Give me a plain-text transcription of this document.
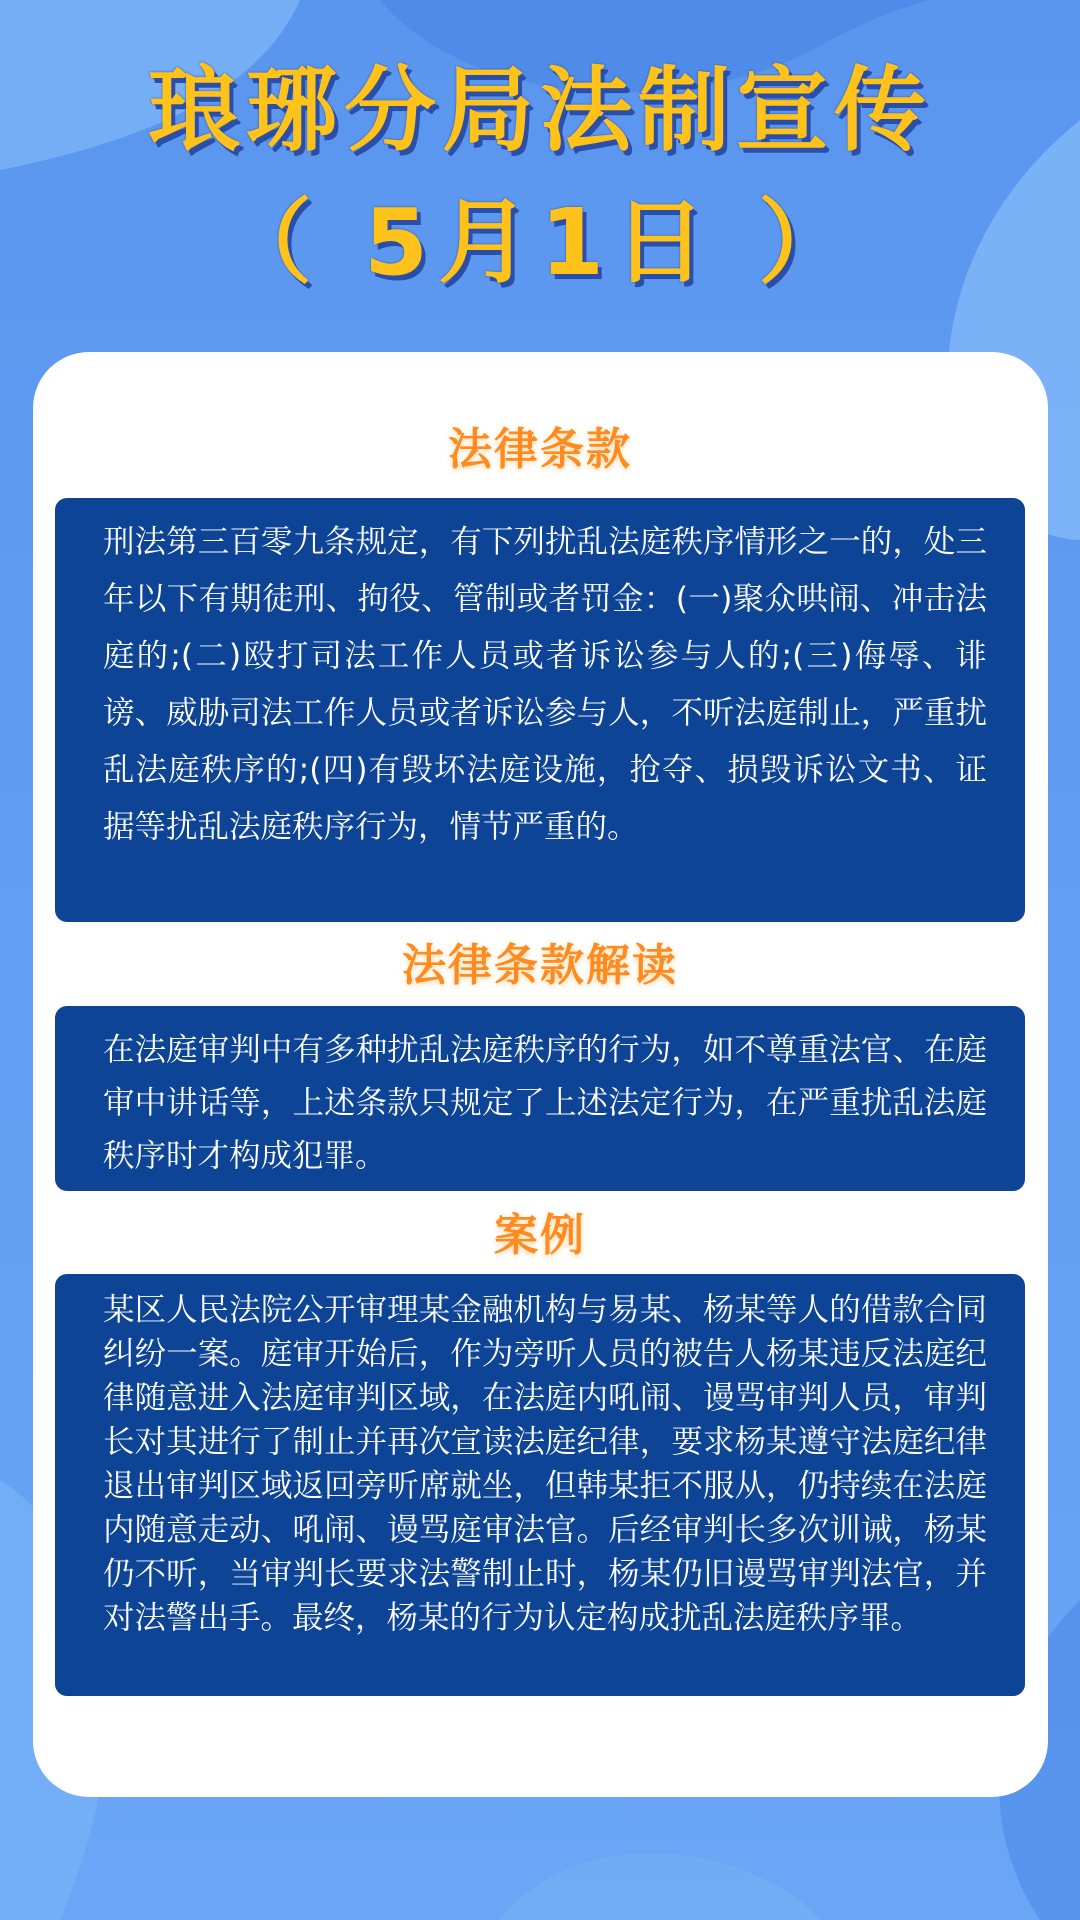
琅琊分局法制宣传
（ 5月1日 ）
法律条款

刑法第三百零九条规定，有下列扰乱法庭秩序情形之一的，处三年以下有期徒刑、拘役、管制或者罚金：(一)聚众哄闹、冲击法庭的;(二)殴打司法工作人员或者诉讼参与人的;(三)侮辱、诽谤、威胁司法工作人员或者诉讼参与人，不听法庭制止，严重扰乱法庭秩序的;(四)有毁坏法庭设施，抢夺、损毁诉讼文书、证据等扰乱法庭秩序行为，情节严重的。

法律条款解读

在法庭审判中有多种扰乱法庭秩序的行为，如不尊重法官、在庭审中讲话等，上述条款只规定了上述法定行为，在严重扰乱法庭秩序时才构成犯罪。

案例

某区人民法院公开审理某金融机构与易某、杨某等人的借款合同纠纷一案。庭审开始后，作为旁听人员的被告人杨某违反法庭纪律随意进入法庭审判区域，在法庭内吼闹、谩骂审判人员，审判长对其进行了制止并再次宣读法庭纪律，要求杨某遵守法庭纪律退出审判区域返回旁听席就坐，但韩某拒不服从，仍持续在法庭内随意走动、吼闹、谩骂庭审法官。后经审判长多次训诫，杨某仍不听，当审判长要求法警制止时，杨某仍旧谩骂审判法官，并对法警出手。最终，杨某的行为认定构成扰乱法庭秩序罪。
